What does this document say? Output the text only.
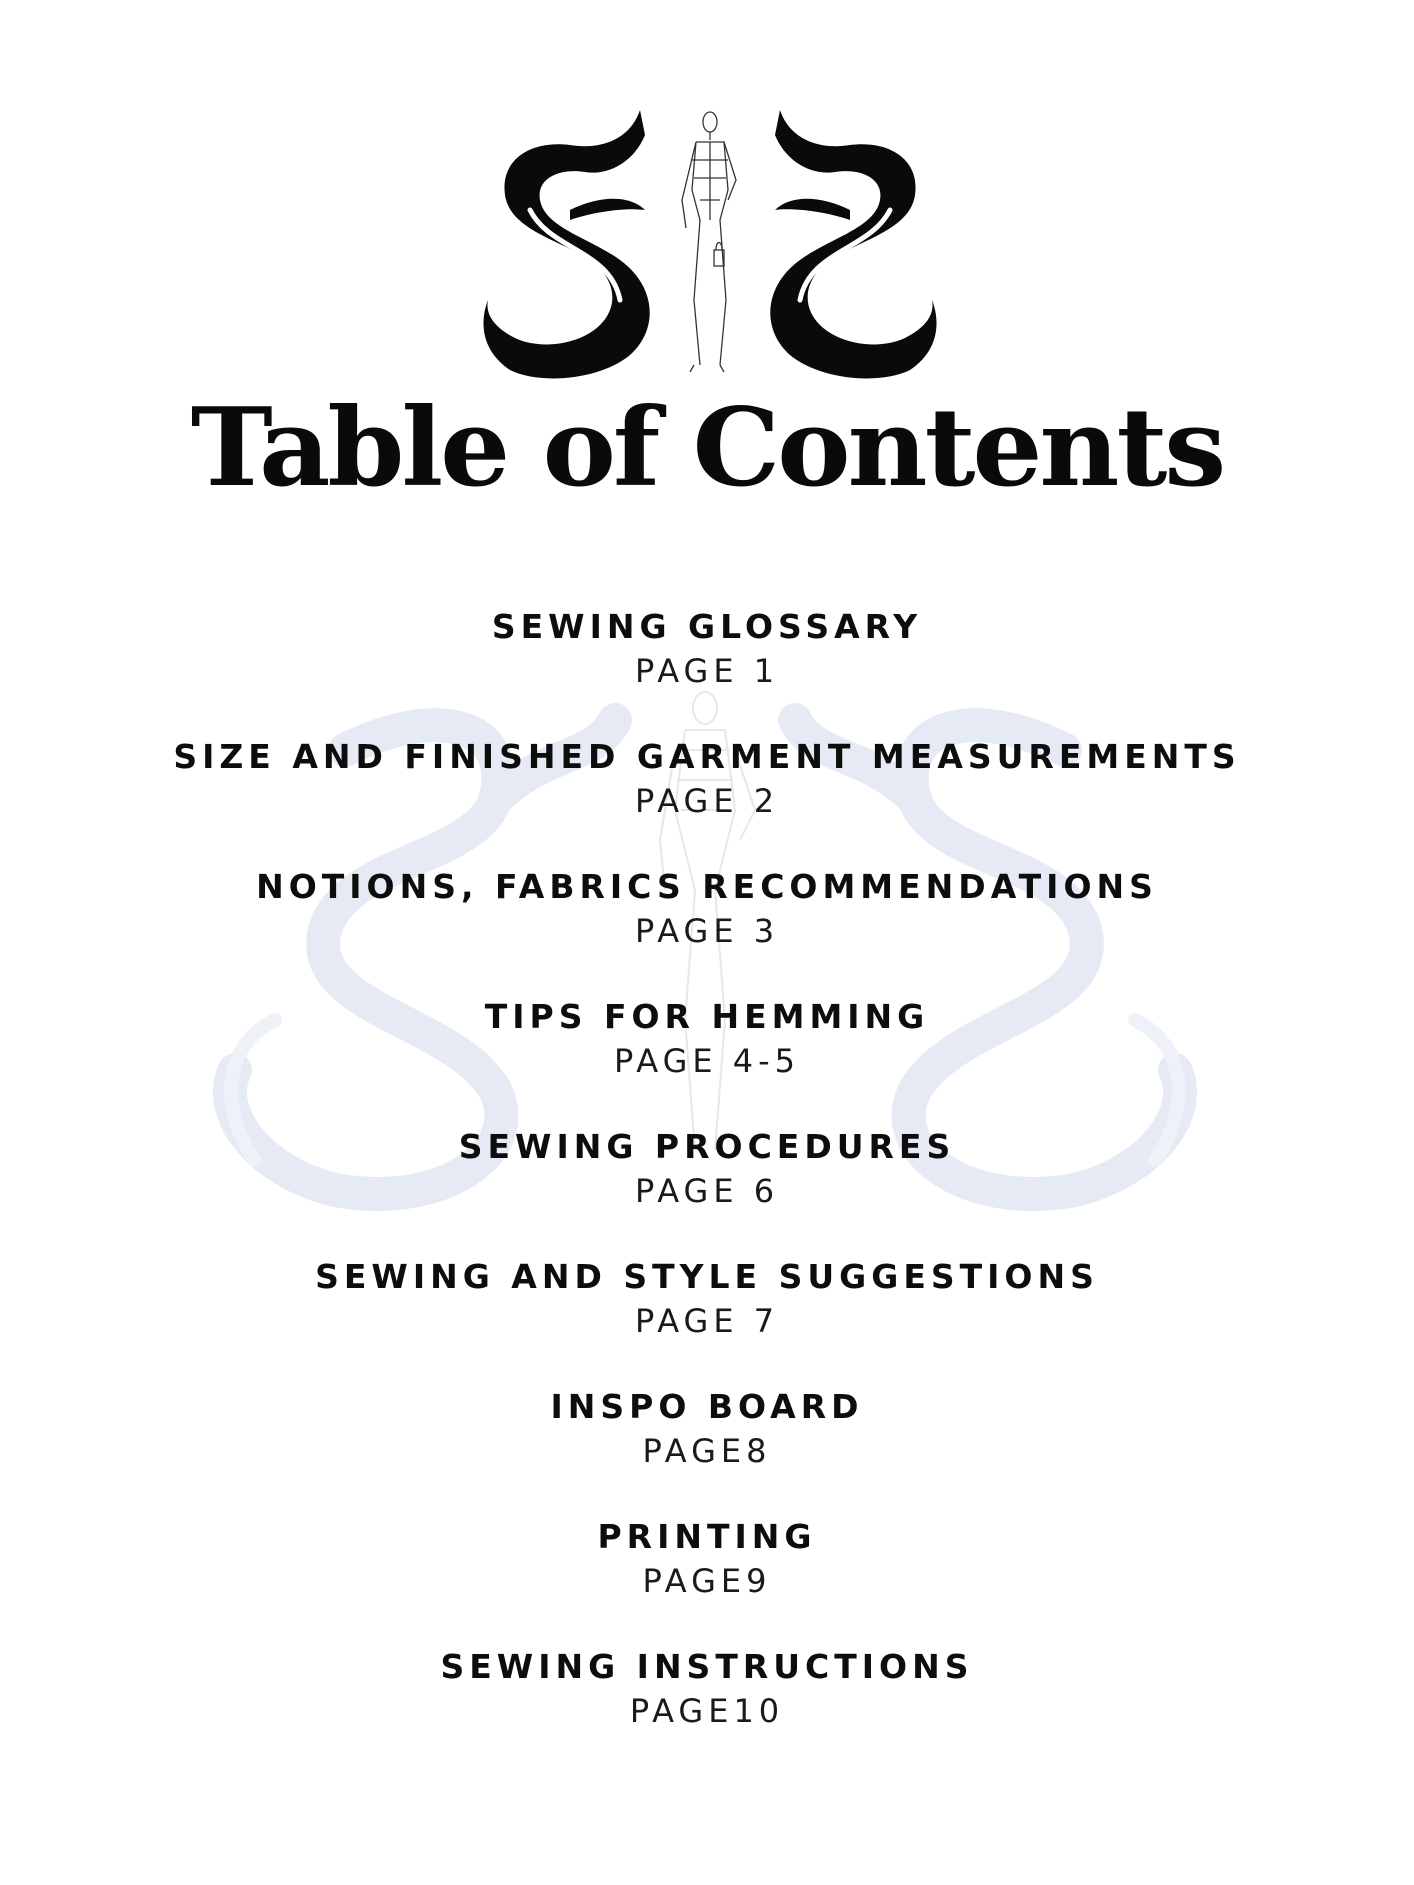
Table of Contents
SEWING GLOSSARY
PAGE 1
SIZE AND FINISHED GARMENT MEASUREMENTS
PAGE 2
NOTIONS, FABRICS RECOMMENDATIONS
PAGE 3
TIPS FOR HEMMING
PAGE 4-5
SEWING PROCEDURES
PAGE 6
SEWING AND STYLE SUGGESTIONS
PAGE 7
INSPO BOARD
PAGE8
PRINTING
PAGE9
SEWING INSTRUCTIONS
PAGE10
